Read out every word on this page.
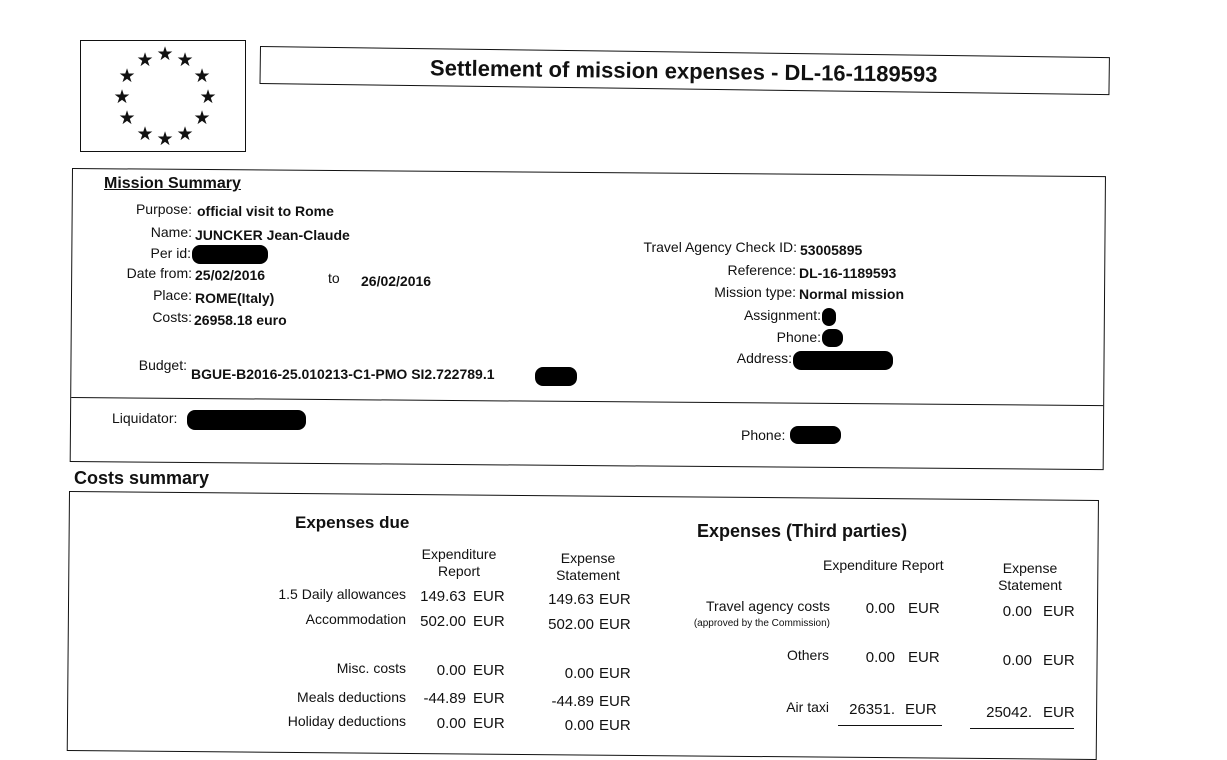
★ ★
★
★
★
★
★
★
★
★
★
★	Settlement of mission expenses - DL-16-1189593
Mission Summary
Purpose: official visit to Rome
Name: JUNCKER Jean-Claude
Per id:
Date from: 25/02/2016	to 26/02/2016
Place: ROME(Italy)
Costs: 26958.18 euro
Budget:
BGUE-B2016-25.010213-C1-PMO SI2.722789.1
Travel Agency Check ID: 53005895
Reference: DL-16-1189593
Mission type: Normal mission
Assignment:
Phone:
Address:
Liquidator:
Phone:
Costs summary
Expenses due
Expenditure Report
Expense Statement
1.5 Daily allowances 149.63 EUR	149.63 EUR
Accommodation 502.00 EUR	502.00 EUR
Misc. costs	0.00 EUR	0.00 EUR
Meals deductions	-44.89 EUR	-44.89 EUR
Holiday deductions	0.00 EUR	0.00 EUR
Expenses (Third parties)
Expenditure Report	Expense Statement
Travel agency costs
(approved by the Commission)
0.00 EUR	0.00 EUR
Others	0.00 EUR	0.00 EUR
Air taxi	26351. EUR	25042. EUR
